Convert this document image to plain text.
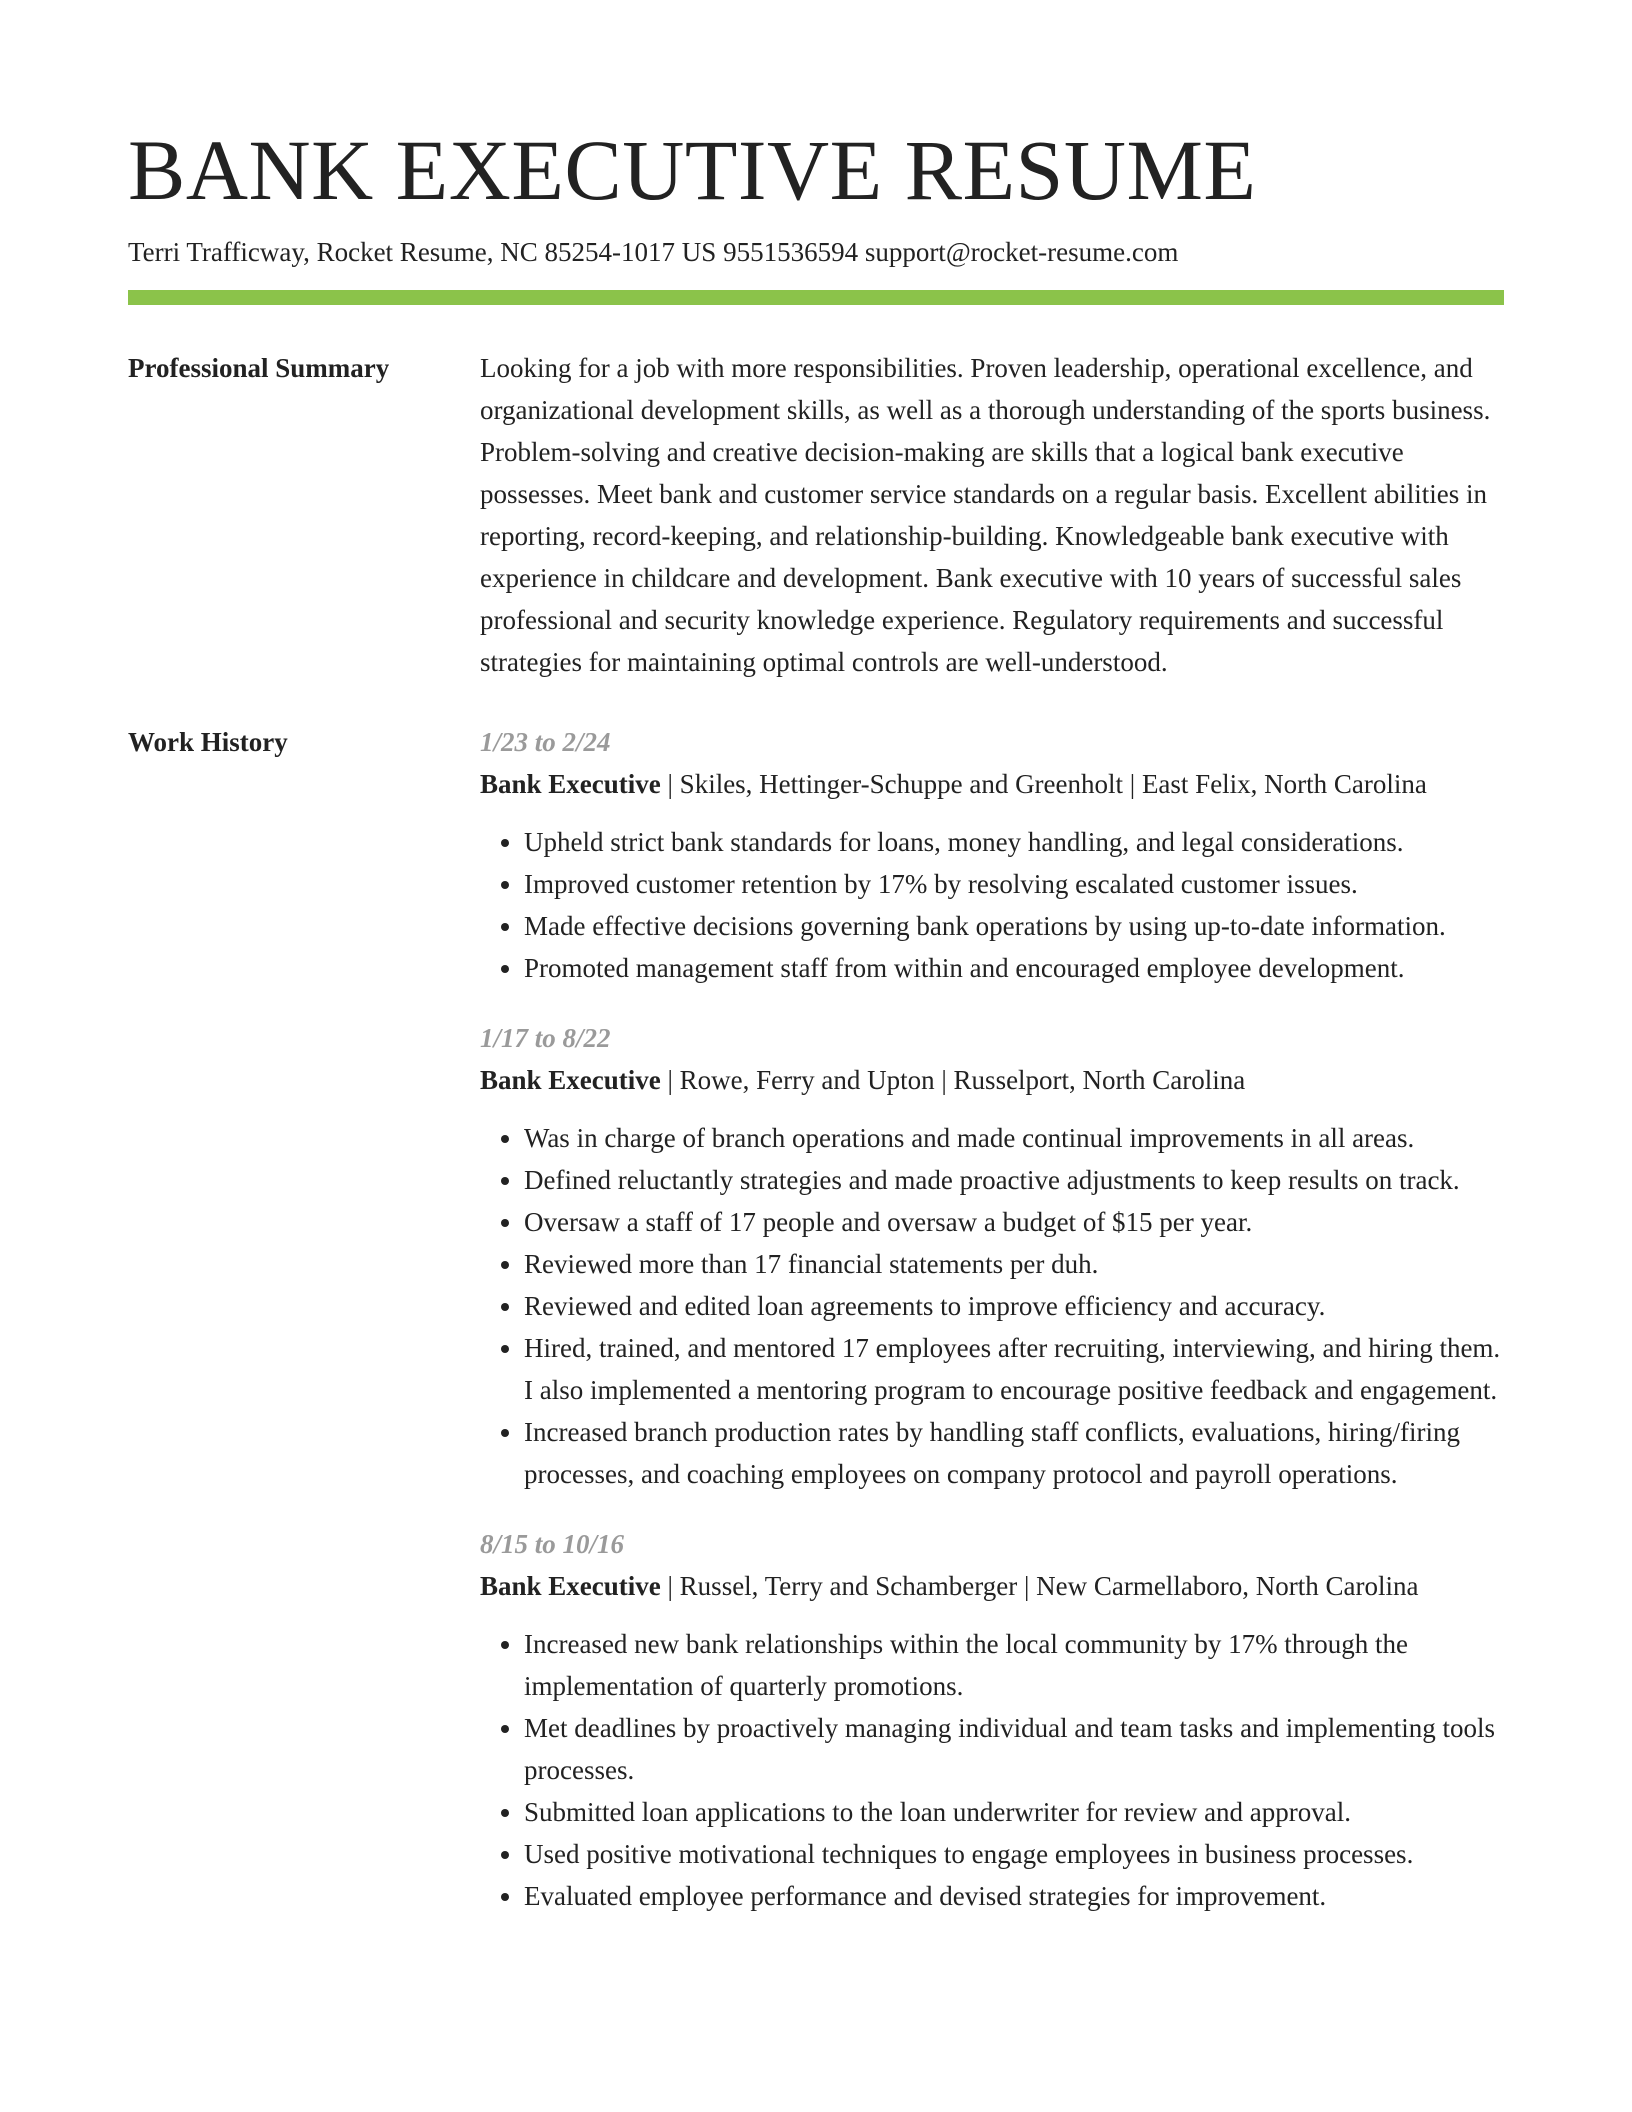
BANK EXECUTIVE RESUME
Terri Trafficway, Rocket Resume, NC 85254-1017 US 9551536594 support@rocket-resume.com
Professional Summary	Looking for a job with more responsibilities. Proven leadership, operational excellence, and organizational development skills, as well as a thorough understanding of the sports business. Problem-solving and creative decision-making are skills that a logical bank executive possesses. Meet bank and customer service standards on a regular basis. Excellent abilities in reporting, record-keeping, and relationship-building. Knowledgeable bank executive with experience in childcare and development. Bank executive with 10 years of successful sales professional and security knowledge experience. Regulatory requirements and successful strategies for maintaining optimal controls are well-understood.

Work History	1/23 to 2/24
Bank Executive | Skiles, Hettinger-Schuppe and Greenholt | East Felix, North Carolina
• Upheld strict bank standards for loans, money handling, and legal considerations.
• Improved customer retention by 17% by resolving escalated customer issues.
• Made effective decisions governing bank operations by using up-to-date information.
• Promoted management staff from within and encouraged employee development.
1/17 to 8/22
Bank Executive | Rowe, Ferry and Upton | Russelport, North Carolina
• Was in charge of branch operations and made continual improvements in all areas.
• Defined reluctantly strategies and made proactive adjustments to keep results on track.
• Oversaw a staff of 17 people and oversaw a budget of $15 per year.
• Reviewed more than 17 financial statements per duh.
• Reviewed and edited loan agreements to improve efficiency and accuracy.
• Hired, trained, and mentored 17 employees after recruiting, interviewing, and hiring them. I also implemented a mentoring program to encourage positive feedback and engagement.
• Increased branch production rates by handling staff conflicts, evaluations, hiring/firing processes, and coaching employees on company protocol and payroll operations.
8/15 to 10/16
Bank Executive | Russel, Terry and Schamberger | New Carmellaboro, North Carolina
• Increased new bank relationships within the local community by 17% through the implementation of quarterly promotions.
• Met deadlines by proactively managing individual and team tasks and implementing tools processes.
• Submitted loan applications to the loan underwriter for review and approval.
• Used positive motivational techniques to engage employees in business processes.
• Evaluated employee performance and devised strategies for improvement.
